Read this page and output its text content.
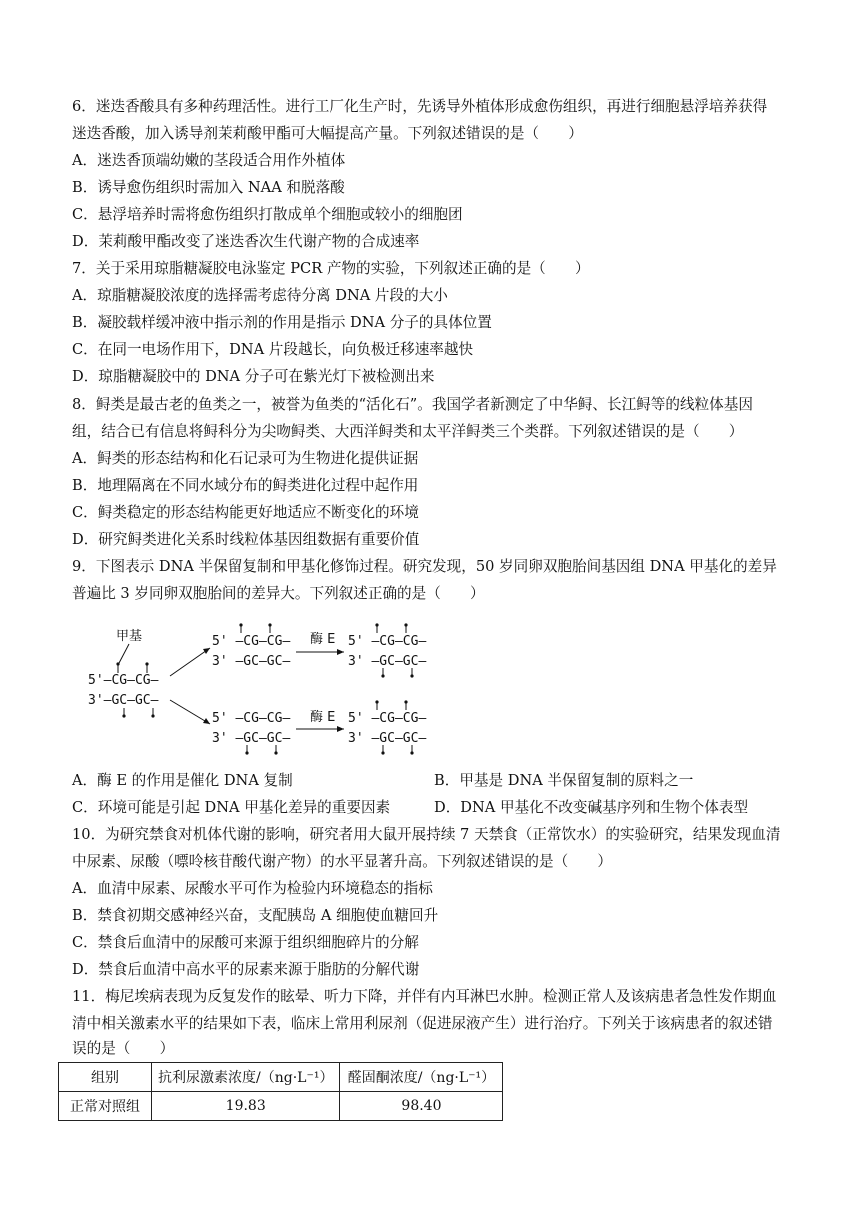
6．迷迭香酸具有多种药理活性。进行工厂化生产时，先诱导外植体形成愈伤组织，再进行细胞悬浮培养获得
迷迭香酸，加入诱导剂茉莉酸甲酯可大幅提高产量。下列叙述错误的是（　　）
A．迷迭香顶端幼嫩的茎段适合用作外植体
B．诱导愈伤组织时需加入 NAA 和脱落酸
C．悬浮培养时需将愈伤组织打散成单个细胞或较小的细胞团
D．茉莉酸甲酯改变了迷迭香次生代谢产物的合成速率
7．关于采用琼脂糖凝胶电泳鉴定 PCR 产物的实验，下列叙述正确的是（　　）
A．琼脂糖凝胶浓度的选择需考虑待分离 DNA 片段的大小
B．凝胶载样缓冲液中指示剂的作用是指示 DNA 分子的具体位置
C．在同一电场作用下，DNA 片段越长，向负极迁移速率越快
D．琼脂糖凝胶中的 DNA 分子可在紫光灯下被检测出来
8．鲟类是最古老的鱼类之一，被誉为鱼类的“活化石”。我国学者新测定了中华鲟、长江鲟等的线粒体基因
组，结合已有信息将鲟科分为尖吻鲟类、大西洋鲟类和太平洋鲟类三个类群。下列叙述错误的是（　　）
A．鲟类的形态结构和化石记录可为生物进化提供证据
B．地理隔离在不同水域分布的鲟类进化过程中起作用
C．鲟类稳定的形态结构能更好地适应不断变化的环境
D．研究鲟类进化关系时线粒体基因组数据有重要价值
9．下图表示 DNA 半保留复制和甲基化修饰过程。研究发现，50 岁同卵双胞胎间基因组 DNA 甲基化的差异
普遍比 3 岁同卵双胞胎间的差异大。下列叙述正确的是（　　）
甲基
5'—CG—CG—
3'—GC—GC—
5' —CG—CG—
3' —GC—GC—
酶 E 5' —CG—CG—
3' —GC—GC—
5' —CG—CG—
3' —GC—GC—
酶 E 5' —CG—CG—
3' —GC—GC—
A．酶 E 的作用是催化 DNA 复制	B．甲基是 DNA 半保留复制的原料之一
C．环境可能是引起 DNA 甲基化差异的重要因素	D．DNA 甲基化不改变碱基序列和生物个体表型
10．为研究禁食对机体代谢的影响，研究者用大鼠开展持续 7 天禁食（正常饮水）的实验研究，结果发现血清
中尿素、尿酸（嘌呤核苷酸代谢产物）的水平显著升高。下列叙述错误的是（　　）
A．血清中尿素、尿酸水平可作为检验内环境稳态的指标
B．禁食初期交感神经兴奋，支配胰岛 A 细胞使血糖回升
C．禁食后血清中的尿酸可来源于组织细胞碎片的分解
D．禁食后血清中高水平的尿素来源于脂肪的分解代谢
11．梅尼埃病表现为反复发作的眩晕、听力下降，并伴有内耳淋巴水肿。检测正常人及该病患者急性发作期血
清中相关激素水平的结果如下表，临床上常用利尿剂（促进尿液产生）进行治疗。下列关于该病患者的叙述错
误的是（　　）
组别	抗利尿激素浓度/（ng·L⁻¹）	醛固酮浓度/（ng·L⁻¹）
正常对照组	19.83	98.40
